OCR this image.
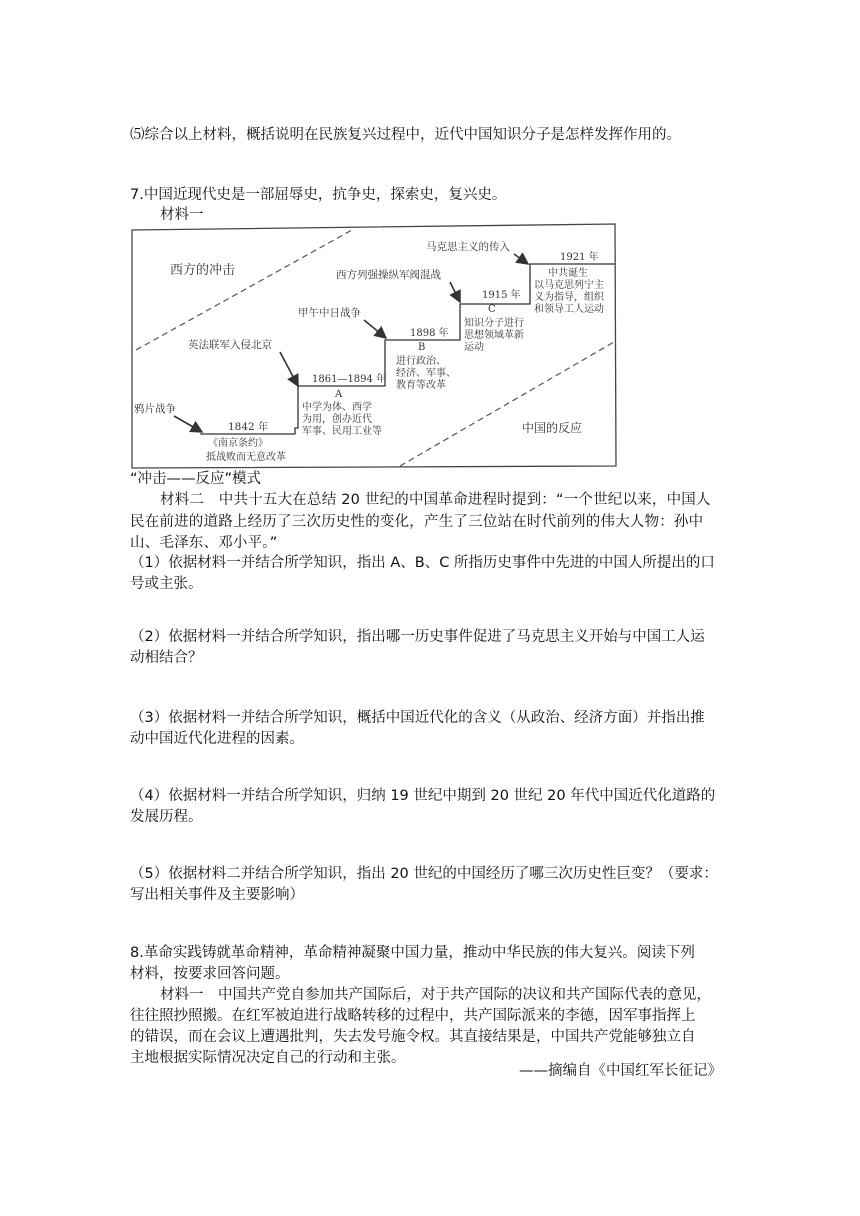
⑸综合以上材料，概括说明在民族复兴过程中，近代中国知识分子是怎样发挥作用的。
7.中国近现代史是一部屈辱史，抗争史，探索史，复兴史。
材料一
西方的冲击
中国的反应
鸦片战争
英法联军入侵北京
甲午中日战争
西方列强操纵军阀混战
马克思主义的传入
1842 年
《南京条约》
抵战败而无意改革
1861—1894 年
A
中学为体、西学
为用，创办近代
军事、民用工业等
1898 年
B
进行政治、
经济、军事、
教育等改革
1915 年
C
知识分子进行
思想领域革新
运动
1921 年
中共诞生
以马克思列宁主
义为指导，组织
和领导工人运动
“冲击——反应”模式
材料二　中共十五大在总结 20 世纪的中国革命进程时提到：“一个世纪以来，中国人
民在前进的道路上经历了三次历史性的变化，产生了三位站在时代前列的伟大人物：孙中
山、毛泽东、邓小平。”
（1）依据材料一并结合所学知识，指出 A、B、C 所指历史事件中先进的中国人所提出的口
号或主张。
（2）依据材料一并结合所学知识，指出哪一历史事件促进了马克思主义开始与中国工人运
动相结合？
（3）依据材料一并结合所学知识，概括中国近代化的含义（从政治、经济方面）并指出推
动中国近代化进程的因素。
（4）依据材料一并结合所学知识，归纳 19 世纪中期到 20 世纪 20 年代中国近代化道路的
发展历程。
（5）依据材料二并结合所学知识，指出 20 世纪的中国经历了哪三次历史性巨变？（要求：
写出相关事件及主要影响）
8.革命实践铸就革命精神，革命精神凝聚中国力量，推动中华民族的伟大复兴。阅读下列
材料，按要求回答问题。
材料一　中国共产党自参加共产国际后，对于共产国际的决议和共产国际代表的意见，
往往照抄照搬。在红军被迫进行战略转移的过程中，共产国际派来的李德，因军事指挥上
的错误，而在会议上遭遇批判，失去发号施令权。其直接结果是，中国共产党能够独立自
主地根据实际情况决定自己的行动和主张。
——摘编自《中国红军长征记》
